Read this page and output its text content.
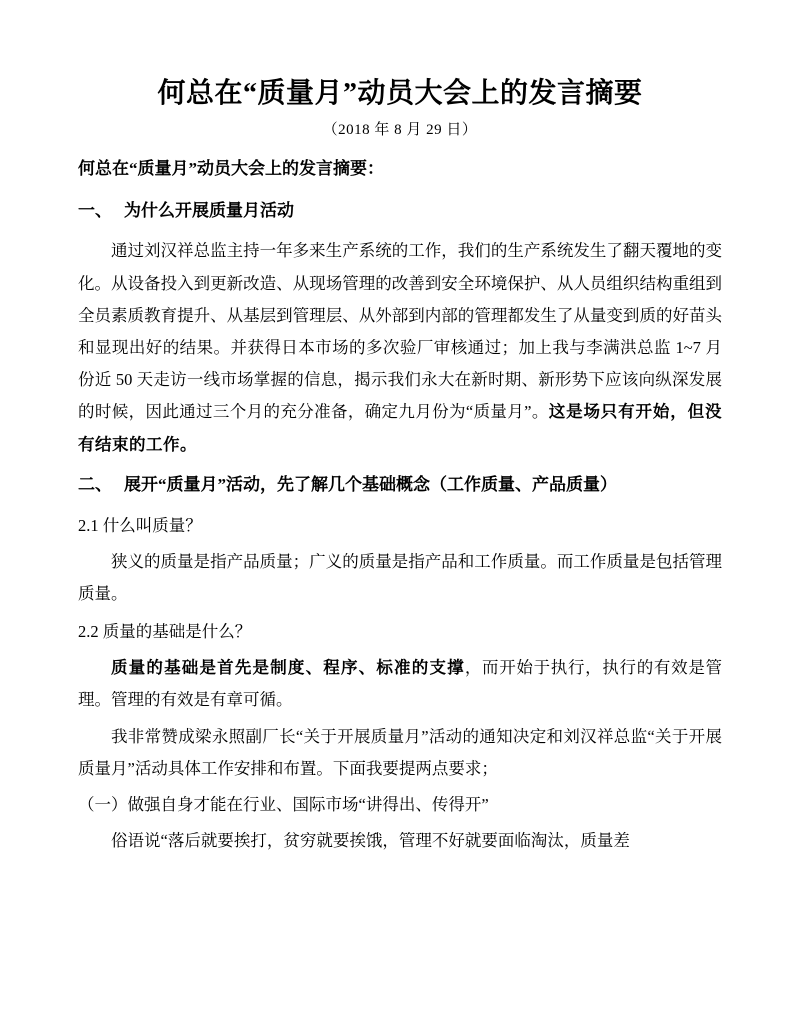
何总在“质量月”动员大会上的发言摘要
（2018 年 8 月 29 日）

何总在“质量月”动员大会上的发言摘要：

一、 为什么开展质量月活动

通过刘汉祥总监主持一年多来生产系统的工作，我们的生产系统发生了翻天覆地的变化。从设备投入到更新改造、从现场管理的改善到安全环境保护、从人员组织结构重组到全员素质教育提升、从基层到管理层、从外部到内部的管理都发生了从量变到质的好苗头和显现出好的结果。并获得日本市场的多次验厂审核通过；加上我与李满洪总监 1~7 月份近 50 天走访一线市场掌握的信息，揭示我们永大在新时期、新形势下应该向纵深发展的时候，因此通过三个月的充分准备，确定九月份为“质量月”。这是场只有开始，但没有结束的工作。

二、 展开“质量月”活动，先了解几个基础概念（工作质量、产品质量）

2.1 什么叫质量？

狭义的质量是指产品质量；广义的质量是指产品和工作质量。而工作质量是包括管理质量。

2.2 质量的基础是什么？

质量的基础是首先是制度、程序、标准的支撑，而开始于执行，执行的有效是管理。管理的有效是有章可循。

我非常赞成梁永照副厂长“关于开展质量月”活动的通知决定和刘汉祥总监“关于开展质量月”活动具体工作安排和布置。下面我要提两点要求；

（一）做强自身才能在行业、国际市场“讲得出、传得开”

俗语说“落后就要挨打，贫穷就要挨饿，管理不好就要面临淘汰，质量差
